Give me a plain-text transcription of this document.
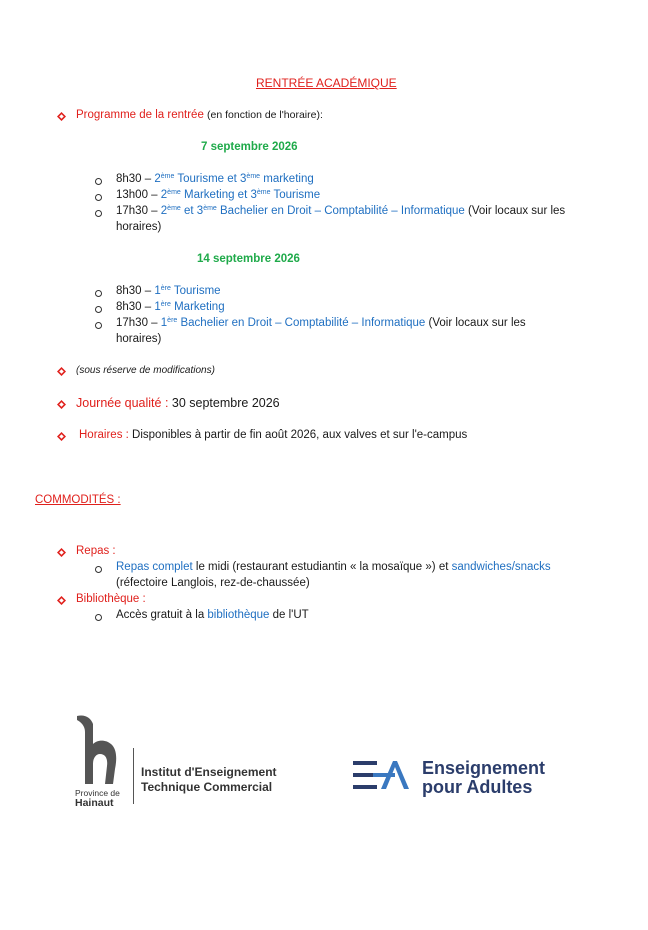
RENTRÉE ACADÉMIQUE
Programme de la rentrée (en fonction de l'horaire):
7 septembre 2026
8h30 – 2ème Tourisme et 3ème marketing
13h00 – 2ème Marketing et 3ème Tourisme
17h30 – 2ème et 3ème Bachelier en Droit – Comptabilité – Informatique (Voir locaux sur les
horaires)
14 septembre 2026
8h30 – 1ère Tourisme
8h30 – 1ère Marketing
17h30 – 1ère Bachelier en Droit – Comptabilité – Informatique (Voir locaux sur les
horaires)
(sous réserve de modifications)
Journée qualité : 30 septembre 2026
Horaires : Disponibles à partir de fin août 2026, aux valves et sur l'e-campus
COMMODITÉS :
Repas :
Repas complet le midi (restaurant estudiantin « la mosaïque ») et sandwiches/snacks
(réfectoire Langlois, rez-de-chaussée)
Bibliothèque :
Accès gratuit à la bibliothèque de l'UT
Province de
Hainaut
Institut d'Enseignement
Technique Commercial
Enseignement
pour Adultes
